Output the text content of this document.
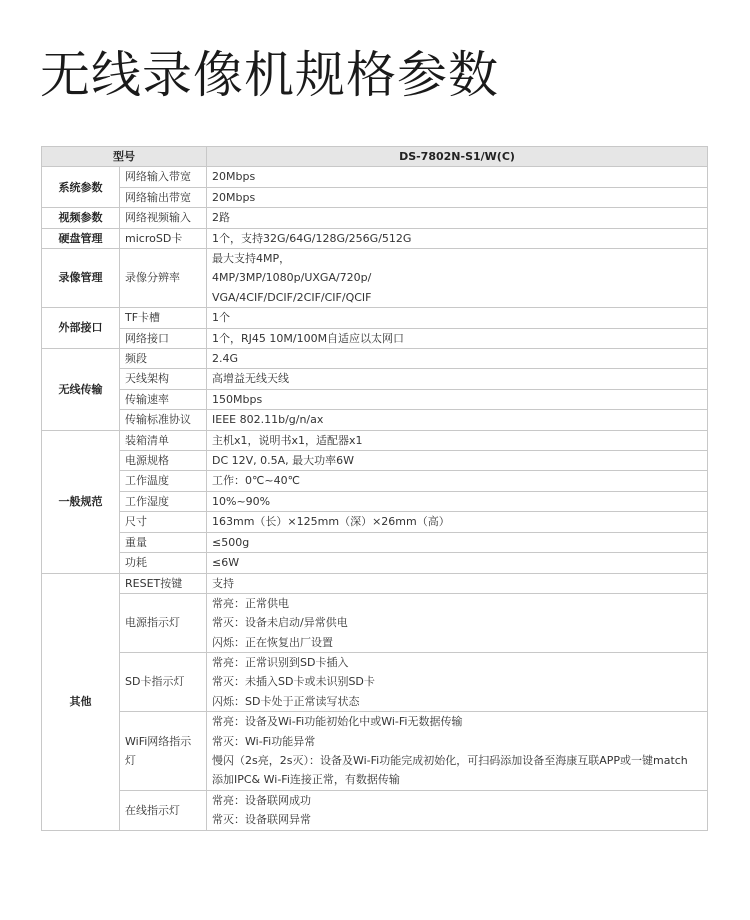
无线录像机规格参数
型号		DS-7802N-S1/W(C)
系统参数	网络输入带宽	20Mbps

	网络输出带宽	20Mbps

视频参数	网络视频输入	2路

硬盘管理	microSD卡	1个，支持32G/64G/128G/256G/512G

录像管理	录像分辨率	最大支持4MP，
4MP/3MP/1080p/UXGA/720p/
VGA/4CIF/DCIF/2CIF/CIF/QCIF

外部接口	TF卡槽	1个

	网络接口	1个，RJ45 10M/100M自适应以太网口

无线传输	频段	2.4G

	天线架构	高增益无线天线

	传输速率	150Mbps

	传输标准协议	IEEE 802.11b/g/n/ax

一般规范	装箱清单	主机x1，说明书x1，适配器x1

	电源规格	DC 12V, 0.5A, 最大功率6W

	工作温度	工作：0℃~40℃

	工作湿度	10%~90%

	尺寸	163mm（长）×125mm（深）×26mm（高）

	重量	≤500g

	功耗	≤6W

其他	RESET按键	支持

	电源指示灯	常亮：正常供电
常灭：设备未启动/异常供电
闪烁：正在恢复出厂设置

	SD卡指示灯	常亮：正常识别到SD卡插入
常灭：未插入SD卡或未识别SD卡
闪烁：SD卡处于正常读写状态

	WiFi网络指示灯	常亮：设备及Wi-Fi功能初始化中或Wi-Fi无数据传输
常灭：Wi-Fi功能异常
慢闪（2s亮，2s灭）：设备及Wi-Fi功能完成初始化，可扫码添加设备至海康互联APP或一键match
添加IPC& Wi-Fi连接正常，有数据传输

	在线指示灯	常亮：设备联网成功
常灭：设备联网异常
